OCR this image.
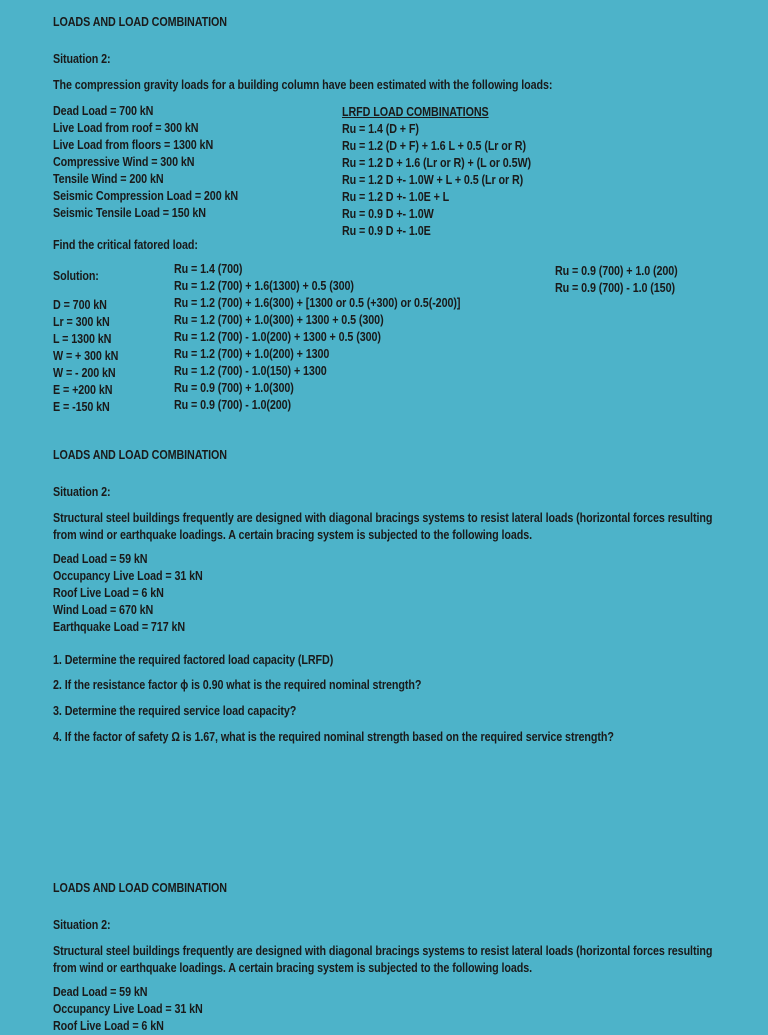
LOADS AND LOAD COMBINATION
Situation 2:
The compression gravity loads for a building column have been estimated with the following loads:
Dead Load = 700 kN
Live Load from roof = 300 kN
Live Load from floors = 1300 kN
Compressive Wind = 300 kN
Tensile Wind = 200 kN
Seismic Compression Load = 200 kN
Seismic Tensile Load = 150 kN
LRFD LOAD COMBINATIONS
Ru = 1.4 (D + F)
Ru = 1.2 (D + F) + 1.6 L + 0.5 (Lr or R)
Ru = 1.2 D + 1.6 (Lr or R) + (L or 0.5W)
Ru = 1.2 D +- 1.0W + L + 0.5 (Lr or R)
Ru = 1.2 D +- 1.0E + L
Ru = 0.9 D +- 1.0W
Ru = 0.9 D +- 1.0E
Find the critical fatored load:
Solution:
D = 700 kN
Lr = 300 kN
L = 1300 kN
W = + 300 kN
W = - 200 kN
E = +200 kN
E = -150 kN
Ru = 1.4 (700)
Ru = 1.2 (700) + 1.6(1300) + 0.5 (300)
Ru = 1.2 (700) + 1.6(300) + [1300 or 0.5 (+300) or 0.5(-200)]
Ru = 1.2 (700) + 1.0(300) + 1300 + 0.5 (300)
Ru = 1.2 (700) - 1.0(200) + 1300 + 0.5 (300)
Ru = 1.2 (700) + 1.0(200) + 1300
Ru = 1.2 (700) - 1.0(150) + 1300
Ru = 0.9 (700) + 1.0(300)
Ru = 0.9 (700) - 1.0(200)
Ru = 0.9 (700) + 1.0 (200)
Ru = 0.9 (700) - 1.0 (150)
LOADS AND LOAD COMBINATION
Situation 2:
Structural steel buildings frequently are designed with diagonal bracings systems to resist lateral loads (horizontal forces resulting from wind or earthquake loadings. A certain bracing system is subjected to the following loads.
Dead Load = 59 kN
Occupancy Live Load = 31 kN
Roof Live Load = 6 kN
Wind Load = 670 kN
Earthquake Load = 717 kN
1. Determine the required factored load capacity (LRFD)
2. If the resistance factor ϕ is 0.90 what is the required nominal strength?
3. Determine the required service load capacity?
4. If the factor of safety Ω is 1.67, what is the required nominal strength based on the required service strength?
LOADS AND LOAD COMBINATION
Situation 2:
Structural steel buildings frequently are designed with diagonal bracings systems to resist lateral loads (horizontal forces resulting from wind or earthquake loadings. A certain bracing system is subjected to the following loads.
Dead Load = 59 kN
Occupancy Live Load = 31 kN
Roof Live Load = 6 kN
